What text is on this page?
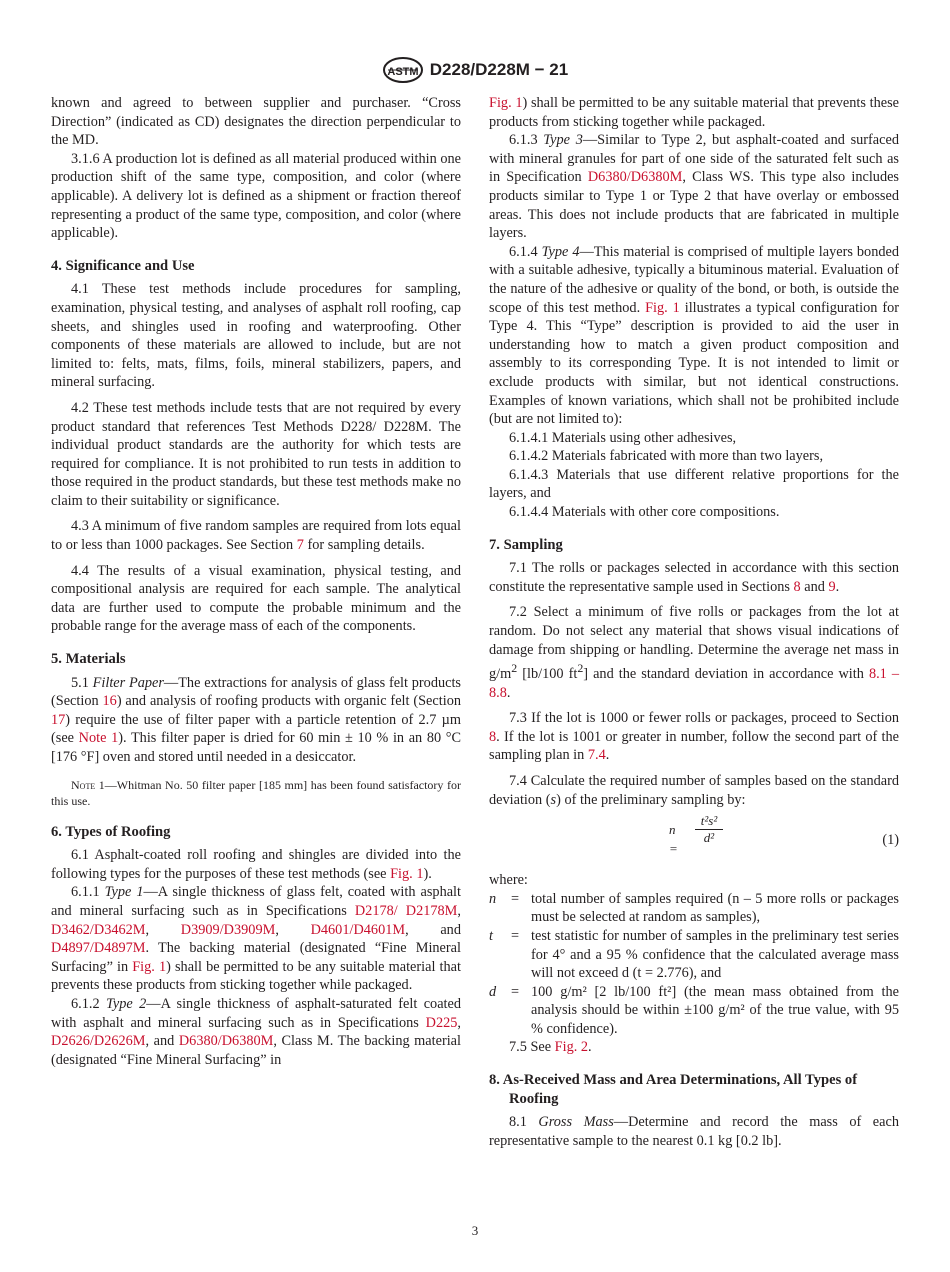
ASTM D228/D228M − 21

known and agreed to between supplier and purchaser. “Cross Direction” (indicated as CD) designates the direction perpendicular to the MD.

3.1.6 A production lot is defined as all material produced within one production shift of the same type, composition, and color (where applicable). A delivery lot is defined as a shipment or fraction thereof representing a product of the same type, composition, and color (where applicable).

4. Significance and Use

4.1 These test methods include procedures for sampling, examination, physical testing, and analyses of asphalt roll roofing, cap sheets, and shingles used in roofing and waterproofing. Other components of these materials are allowed to include, but are not limited to: felts, mats, films, foils, mineral stabilizers, papers, and mineral surfacing.

4.2 These test methods include tests that are not required by every product standard that references Test Methods D228/ D228M. The individual product standards are the authority for which tests are required for compliance. It is not prohibited to run tests in addition to those required in the product standards, but these test methods make no claim to their suitability or significance.

4.3 A minimum of five random samples are required from lots equal to or less than 1000 packages. See Section 7 for sampling details.

4.4 The results of a visual examination, physical testing, and compositional analysis are required for each sample. The analytical data are further used to compute the probable minimum and the probable range for the average mass of each of the components.

5. Materials

5.1 Filter Paper—The extractions for analysis of glass felt products (Section 16) and analysis of roofing products with organic felt (Section 17) require the use of filter paper with a particle retention of 2.7 µm (see Note 1). This filter paper is dried for 60 min ± 10 % in an 80 °C [176 °F] oven and stored until needed in a desiccator.

Note 1—Whitman No. 50 filter paper [185 mm] has been found satisfactory for this use.

6. Types of Roofing

6.1 Asphalt-coated roll roofing and shingles are divided into the following types for the purposes of these test methods (see Fig. 1).

6.1.1 Type 1—A single thickness of glass felt, coated with asphalt and mineral surfacing such as in Specifications D2178/ D2178M, D3462/D3462M, D3909/D3909M, D4601/D4601M, and D4897/D4897M. The backing material (designated “Fine Mineral Surfacing” in Fig. 1) shall be permitted to be any suitable material that prevents these products from sticking together while packaged.

6.1.2 Type 2—A single thickness of asphalt-saturated felt coated with asphalt and mineral surfacing such as in Specifications D225, D2626/D2626M, and D6380/D6380M, Class M. The backing material (designated “Fine Mineral Surfacing” in

Fig. 1) shall be permitted to be any suitable material that prevents these products from sticking together while packaged.

6.1.3 Type 3—Similar to Type 2, but asphalt-coated and surfaced with mineral granules for part of one side of the saturated felt such as in Specification D6380/D6380M, Class WS. This type also includes products similar to Type 1 or Type 2 that have overlay or embossed areas. This does not include products that are fabricated in multiple layers.

6.1.4 Type 4—This material is comprised of multiple layers bonded with a suitable adhesive, typically a bituminous material. Evaluation of the nature of the adhesive or quality of the bond, or both, is outside the scope of this test method. Fig. 1 illustrates a typical configuration for Type 4. This “Type” description is provided to aid the user in understanding how to match a given product composition and assembly to its corresponding Type. It is not intended to limit or exclude products with similar, but not identical constructions. Examples of known variations, which shall not be prohibited include (but are not limited to):

6.1.4.1 Materials using other adhesives,

6.1.4.2 Materials fabricated with more than two layers,

6.1.4.3 Materials that use different relative proportions for the layers, and

6.1.4.4 Materials with other core compositions.

7. Sampling

7.1 The rolls or packages selected in accordance with this section constitute the representative sample used in Sections 8 and 9.

7.2 Select a minimum of five rolls or packages from the lot at random. Do not select any material that shows visual indications of damage from shipping or handling. Determine the average net mass in $g/m^2$ [lb/100 $ft^2$] and the standard deviation in accordance with 8.1 – 8.8.

7.3 If the lot is 1000 or fewer rolls or packages, proceed to Section 8. If the lot is 1001 or greater in number, follow the second part of the sampling plan in 7.4.

7.4 Calculate the required number of samples based on the standard deviation (s) of the preliminary sampling by:

n =
$\frac{\text{t²s²}}{\text{d²}}$	(1)

where:

n	= total number of samples required (n – 5 more rolls or packages must be selected at random as samples),
t	= test statistic for number of samples in the preliminary test series for 4° and a 95 % confidence that the calculated average mass will not exceed d (t = 2.776), and
d	= 100 g/m² [2 lb/100 ft²] (the mean mass obtained from the analysis should be within ±100 g/m² of the true value, with 95 % confidence).

7.5 See Fig. 2.

8. As-Received Mass and Area Determinations, All Types of Roofing

8.1 Gross Mass—Determine and record the mass of each representative sample to the nearest 0.1 kg [0.2 lb].

3
